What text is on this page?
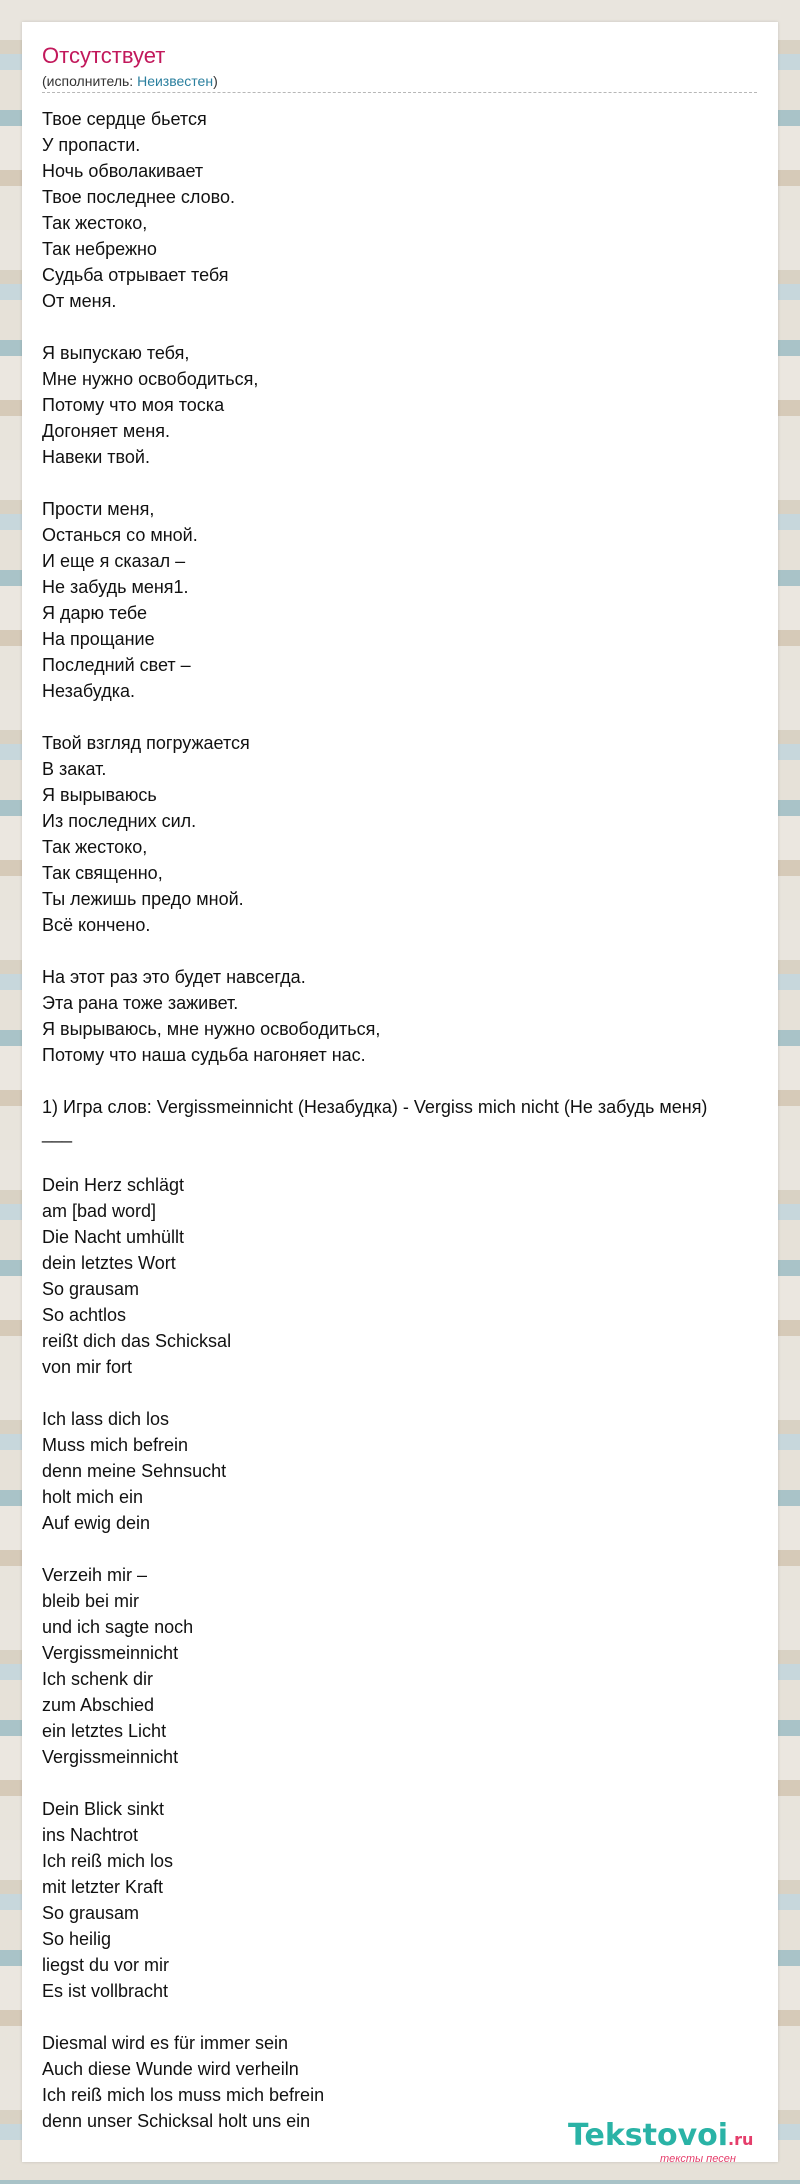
Отсутствует
(исполнитель: Неизвестен)
Твое сердце бьется
У пропасти.
Ночь обволакивает
Твое последнее слово.
Так жестоко,
Так небрежно
Судьба отрывает тебя
От меня.
Я выпускаю тебя,
Мне нужно освободиться,
Потому что моя тоска
Догоняет меня.
Навеки твой.
Прости меня,
Останься со мной.
И еще я сказал –
Не забудь меня1.
Я дарю тебе
На прощание
Последний свет –
Незабудка.
Твой взгляд погружается
В закат.
Я вырываюсь
Из последних сил.
Так жестоко,
Так священно,
Ты лежишь предо мной.
Всё кончено.
На этот раз это будет навсегда.
Эта рана тоже заживет.
Я вырываюсь, мне нужно освободиться,
Потому что наша судьба нагоняет нас.
1) Игра слов: Vergissmeinnicht (Незабудка) - Vergiss mich nicht (Не забудь меня)
___
Dein Herz schlägt
am [bad word]
Die Nacht umhüllt
dein letztes Wort
So grausam
So achtlos
reißt dich das Schicksal
von mir fort
Ich lass dich los
Muss mich befrein
denn meine Sehnsucht
holt mich ein
Auf ewig dein
Verzeih mir –
bleib bei mir
und ich sagte noch
Vergissmeinnicht
Ich schenk dir
zum Abschied
ein letztes Licht
Vergissmeinnicht
Dein Blick sinkt
ins Nachtrot
Ich reiß mich los
mit letzter Kraft
So grausam
So heilig
liegst du vor mir
Es ist vollbracht
Diesmal wird es für immer sein
Auch diese Wunde wird verheiln
Ich reiß mich los muss mich befrein
denn unser Schicksal holt uns ein	Tekstovoi.ru
тексты песен
